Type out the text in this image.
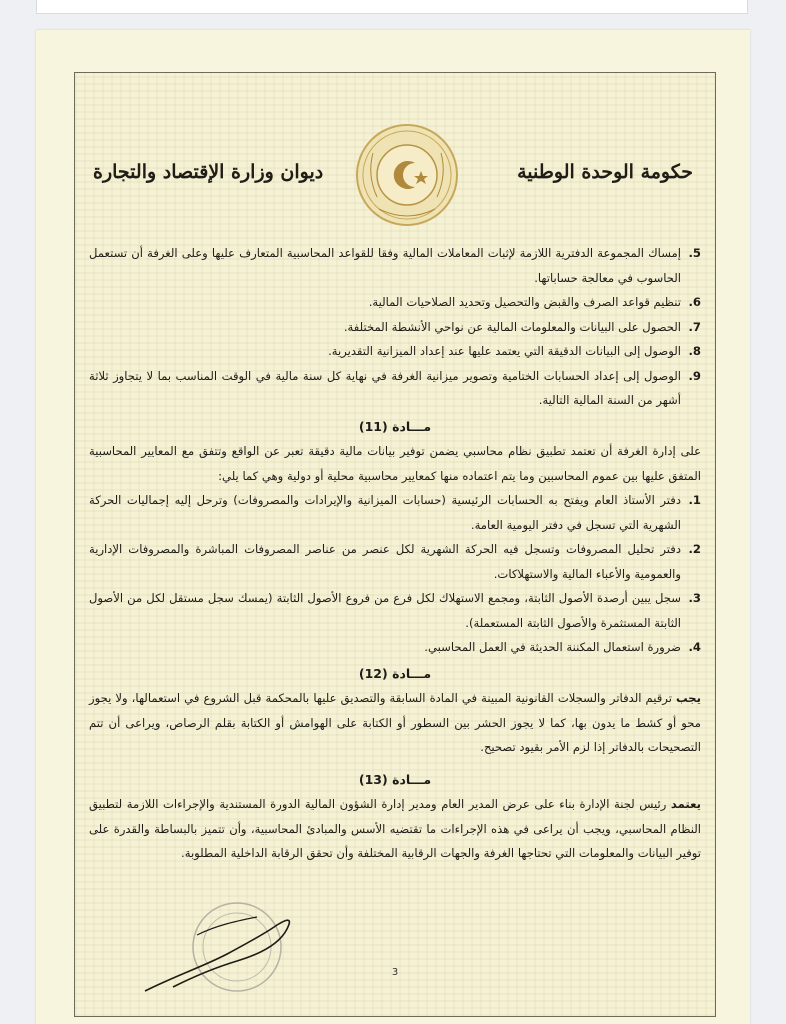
حكومة الوحدة الوطنية
ديوان وزارة الإقتصاد والتجارة
5.
إمساك المجموعة الدفترية اللازمة لإثبات المعاملات المالية وفقا للقواعد المحاسبية المتعارف عليها وعلى الغرفة أن تستعمل الحاسوب في معالجة حساباتها.
6.
تنظيم قواعد الصرف والقبض والتحصيل وتحديد الصلاحيات المالية.
7.
الحصول على البيانات والمعلومات المالية عن نواحي الأنشطة المختلفة.
8.
الوصول إلى البيانات الدقيقة التي يعتمد عليها عند إعداد الميزانية التقديرية.
9.
الوصول إلى إعداد الحسابات الختامية وتصوير ميزانية الغرفة في نهاية كل سنة مالية في الوقت المناسب بما لا يتجاوز ثلاثة أشهر من السنة المالية التالية.
مـــادة (11)
على إدارة الغرفة أن تعتمد تطبيق نظام محاسبي يضمن توفير بيانات مالية دقيقة تعبر عن الواقع وتتفق مع المعايير المحاسبية المتفق عليها بين عموم المحاسبين وما يتم اعتماده منها كمعايير محاسبية محلية أو دولية وهي كما يلي:
1.
دفتر الأستاذ العام ويفتح به الحسابات الرئيسية (حسابات الميزانية والإيرادات والمصروفات) وترحل إليه إجماليات الحركة الشهرية التي تسجل في دفتر اليومية العامة.
2.
دفتر تحليل المصروفات وتسجل فيه الحركة الشهرية لكل عنصر من عناصر المصروفات المباشرة والمصروفات الإدارية والعمومية والأعباء المالية والاستهلاكات.
3.
سجل يبين أرصدة الأصول الثابتة، ومجمع الاستهلاك لكل فرع من فروع الأصول الثابتة (يمسك سجل مستقل لكل من الأصول الثابتة المستثمرة والأصول الثابتة المستعملة).
4.
ضرورة استعمال المكننة الحديثة في العمل المحاسبي.
مـــادة (12)
يجب ترقيم الدفاتر والسجلات القانونية المبينة في المادة السابقة والتصديق عليها بالمحكمة قبل الشروع في استعمالها، ولا يجوز محو أو كشط ما يدون بها، كما لا يجوز الحشر بين السطور أو الكتابة على الهوامش أو الكتابة بقلم الرصاص، ويراعى أن تتم التصحيحات بالدفاتر إذا لزم الأمر بقيود تصحيح.
مـــادة (13)
يعتمد رئيس لجنة الإدارة بناء على عرض المدير العام ومدير إدارة الشؤون المالية الدورة المستندية والإجراءات اللازمة لتطبيق النظام المحاسبي، ويجب أن يراعى في هذه الإجراءات ما تقتضيه الأسس والمبادئ المحاسبية، وأن تتميز بالبساطة والقدرة على توفير البيانات والمعلومات التي تحتاجها الغرفة والجهات الرقابية المختلفة وأن تحقق الرقابة الداخلية المطلوبة.
3
